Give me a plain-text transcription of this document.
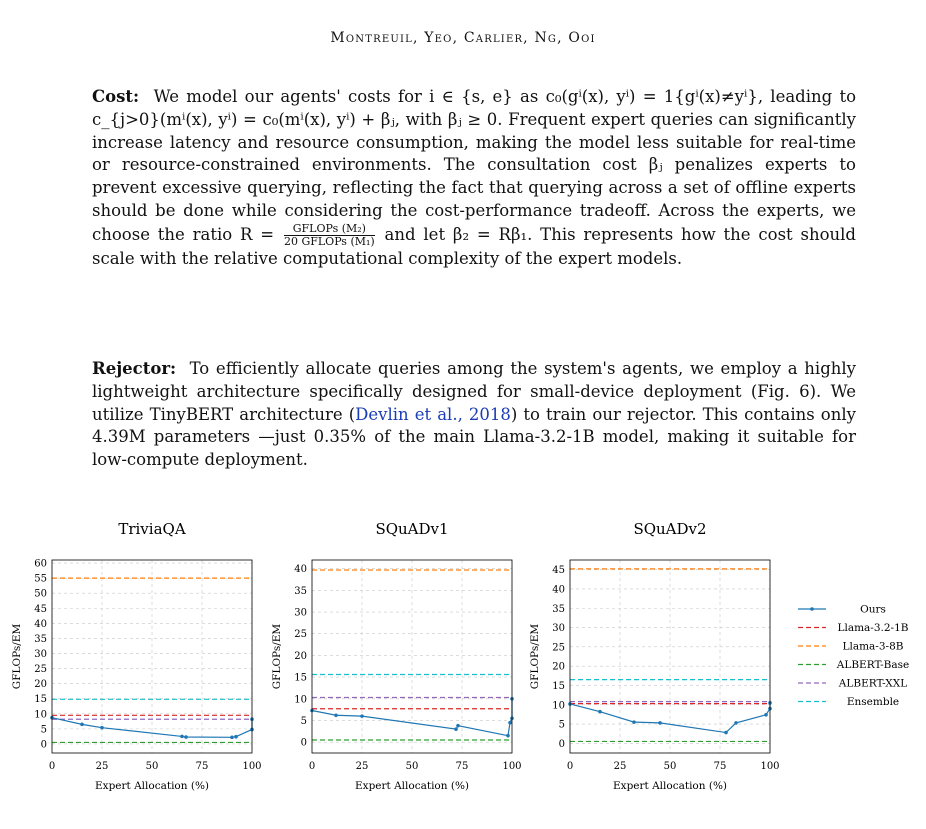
Montreuil, Yeo, Carlier, Ng, Ooi
Cost: We model our agents' costs for i ∈ {s, e} as c₀(gⁱ(x), yⁱ) = 1{gⁱ(x)≠yⁱ}, leading to c_{j>0}(mⁱ(x), yⁱ) = c₀(mⁱ(x), yⁱ) + βⱼ, with βⱼ ≥ 0. Frequent expert queries can significantly increase latency and resource consumption, making the model less suitable for real-time or resource-constrained environments. The consultation cost βⱼ penalizes experts to prevent excessive querying, reflecting the fact that querying across a set of offline experts should be done while considering the cost-performance tradeoff. Across the experts, we choose the ratio $R = \frac{\text{GFLOPs (M₂)}}{\text{20 GFLOPs (M₁)}}$ and let β₂ = Rβ₁. This represents how the cost should scale with the relative computational complexity of the expert models.
Rejector: To efficiently allocate queries among the system's agents, we employ a highly lightweight architecture specifically designed for small-device deployment (Fig. 6). We utilize TinyBERT architecture (Devlin et al., 2018) to train our rejector. This contains only 4.39M parameters —just 0.35% of the main Llama-3.2-1B model, making it suitable for low-compute deployment.
TriviaQA
0
5
10
15
20
25
30
35
40
45
50
55
60
0	25	50	75	100
Expert Allocation (%)
GFLOPs/EM
SQuADv1
0
5
10
15
20
25
30
35
40
0	25	50	75	100
Expert Allocation (%)
GFLOPs/EM
SQuADv2
0
5
10
15
20
25
30
35
40
45
0	25	50	75	100
Expert Allocation (%)
GFLOPs/EM
Ours
Llama-3.2-1B
Llama-3-8B
ALBERT-Base
ALBERT-XXL
Ensemble
